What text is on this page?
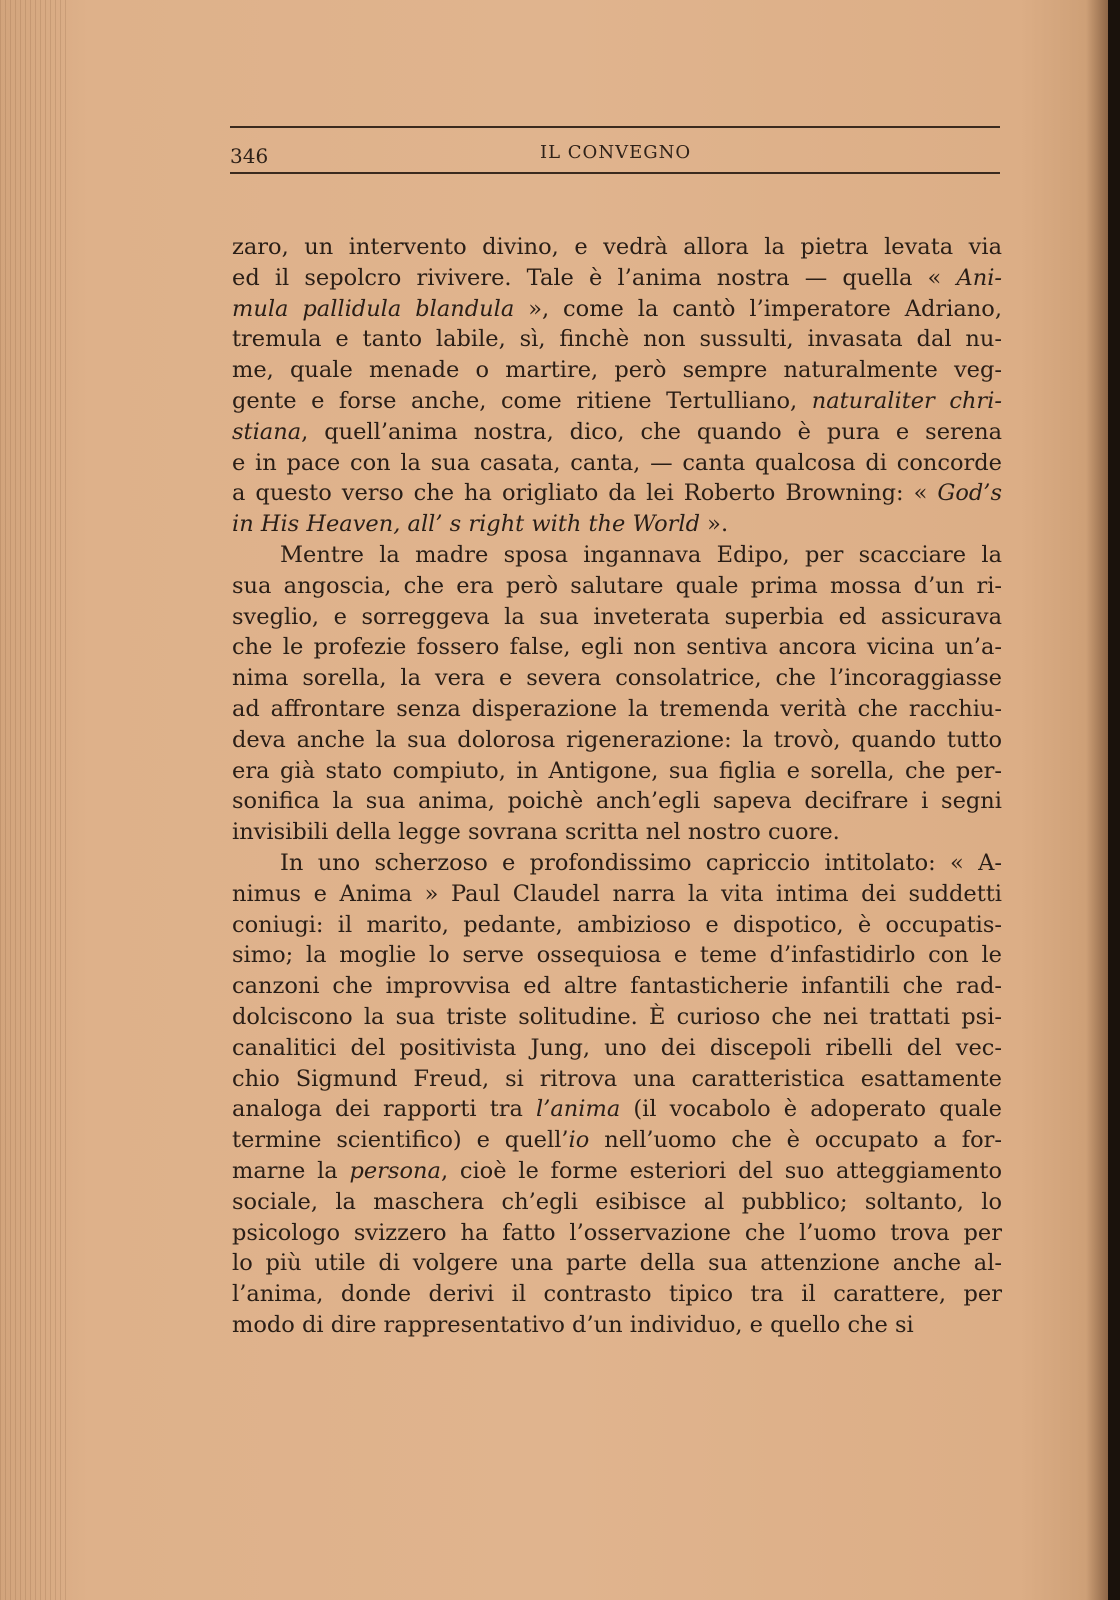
346	IL CONVEGNO
zaro, un intervento divino, e vedrà allora la pietra levata via
ed il sepolcro rivivere. Tale è l’anima nostra — quella « Ani-
mula pallidula blandula », come la cantò l’imperatore Adriano,
tremula e tanto labile, sì, finchè non sussulti, invasata dal nu-
me, quale menade o martire, però sempre naturalmente veg-
gente e forse anche, come ritiene Tertulliano, naturaliter chri-
stiana, quell’anima nostra, dico, che quando è pura e serena
e in pace con la sua casata, canta, — canta qualcosa di concorde
a questo verso che ha origliato da lei Roberto Browning: « God’s
in His Heaven, all’ s right with the World ».
Mentre la madre sposa ingannava Edipo, per scacciare la
sua angoscia, che era però salutare quale prima mossa d’un ri-
sveglio, e sorreggeva la sua inveterata superbia ed assicurava
che le profezie fossero false, egli non sentiva ancora vicina un’a-
nima sorella, la vera e severa consolatrice, che l’incoraggiasse
ad affrontare senza disperazione la tremenda verità che racchiu-
deva anche la sua dolorosa rigenerazione: la trovò, quando tutto
era già stato compiuto, in Antigone, sua figlia e sorella, che per-
sonifica la sua anima, poichè anch’egli sapeva decifrare i segni
invisibili della legge sovrana scritta nel nostro cuore.
In uno scherzoso e profondissimo capriccio intitolato: « A-
nimus e Anima » Paul Claudel narra la vita intima dei suddetti
coniugi: il marito, pedante, ambizioso e dispotico, è occupatis-
simo; la moglie lo serve ossequiosa e teme d’infastidirlo con le
canzoni che improvvisa ed altre fantasticherie infantili che rad-
dolciscono la sua triste solitudine. È curioso che nei trattati psi-
canalitici del positivista Jung, uno dei discepoli ribelli del vec-
chio Sigmund Freud, si ritrova una caratteristica esattamente
analoga dei rapporti tra l’anima (il vocabolo è adoperato quale
termine scientifico) e quell’io nell’uomo che è occupato a for-
marne la persona, cioè le forme esteriori del suo atteggiamento
sociale, la maschera ch’egli esibisce al pubblico; soltanto, lo
psicologo svizzero ha fatto l’osservazione che l’uomo trova per
lo più utile di volgere una parte della sua attenzione anche al-
l’anima, donde derivi il contrasto tipico tra il carattere, per
modo di dire rappresentativo d’un individuo, e quello che si
